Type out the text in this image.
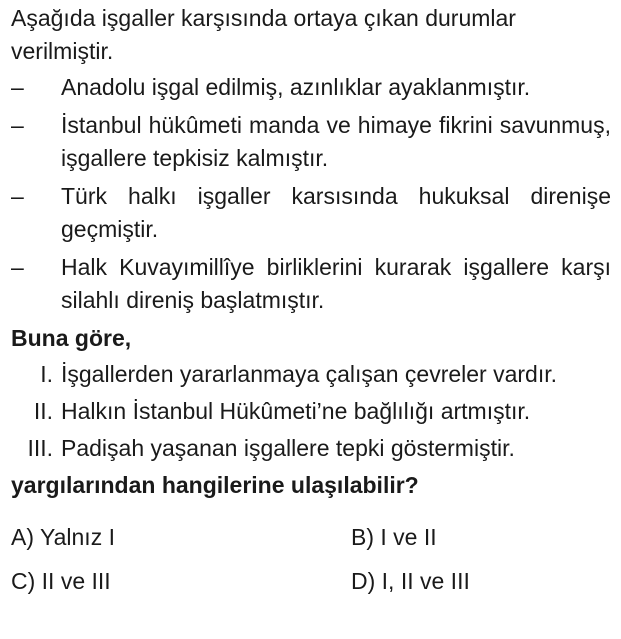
Aşağıda işgaller karşısında ortaya çıkan durumlar verilmiştir.
–	Anadolu işgal edilmiş, azınlıklar ayaklanmıştır.
–	İstanbul hükûmeti manda ve himaye fikrini savunmuş, işgallere tepkisiz kalmıştır.
–	Türk halkı işgaller karsısında hukuksal direnişe geçmiştir.
–	Halk Kuvayımillîye birliklerini kurarak işgallere karşı silahlı direniş başlatmıştır.
Buna göre,
I. İşgallerden yararlanmaya çalışan çevreler vardır.
II. Halkın İstanbul Hükûmeti’ne bağlılığı artmıştır.
III. Padişah yaşanan işgallere tepki göstermiştir.
yargılarından hangilerine ulaşılabilir?
A) Yalnız I	B) I ve II
C) II ve III	D) I, II ve III
